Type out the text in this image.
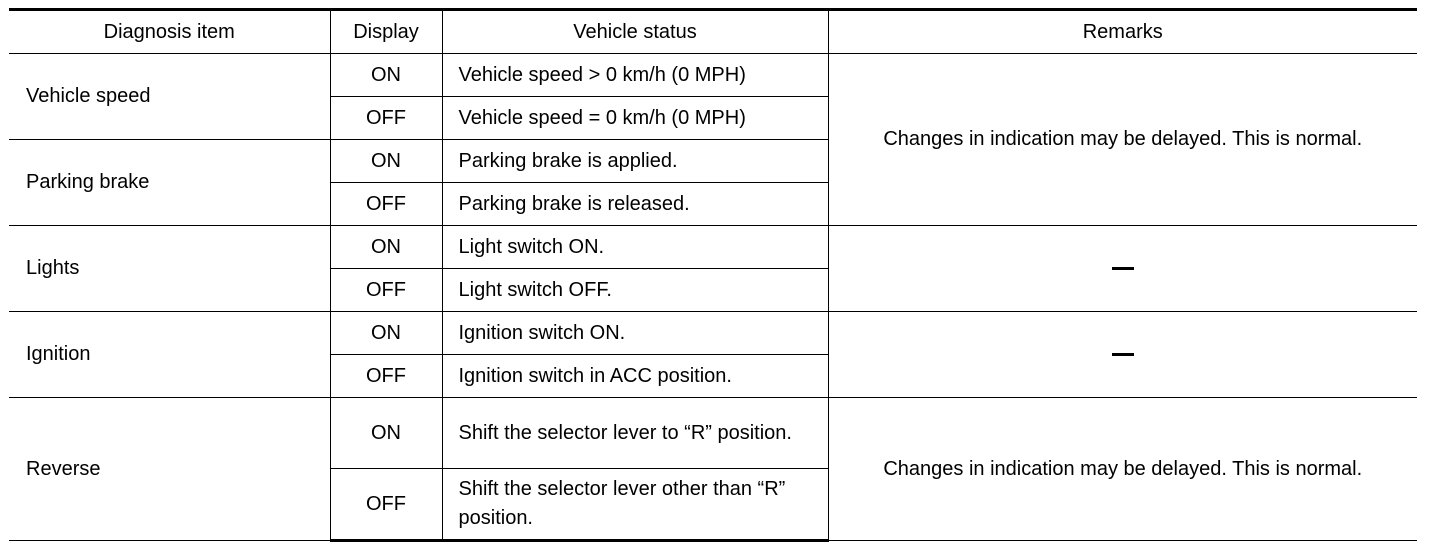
Diagnosis item	Display	Vehicle status	Remarks
Vehicle speed	ON	Vehicle speed > 0 km/h (0 MPH)	Changes in indication may be delayed. This is normal.
	OFF	Vehicle speed = 0 km/h (0 MPH)	
Parking brake	ON	Parking brake is applied.	
	OFF	Parking brake is released.	
Lights	ON	Light switch ON.	
	OFF	Light switch OFF.	
Ignition	ON	Ignition switch ON.	
	OFF	Ignition switch in ACC position.	
Reverse	ON	Shift the selector lever to “R” position.	Changes in indication may be delayed. This is normal.
	OFF	Shift the selector lever other than “R” position.	
